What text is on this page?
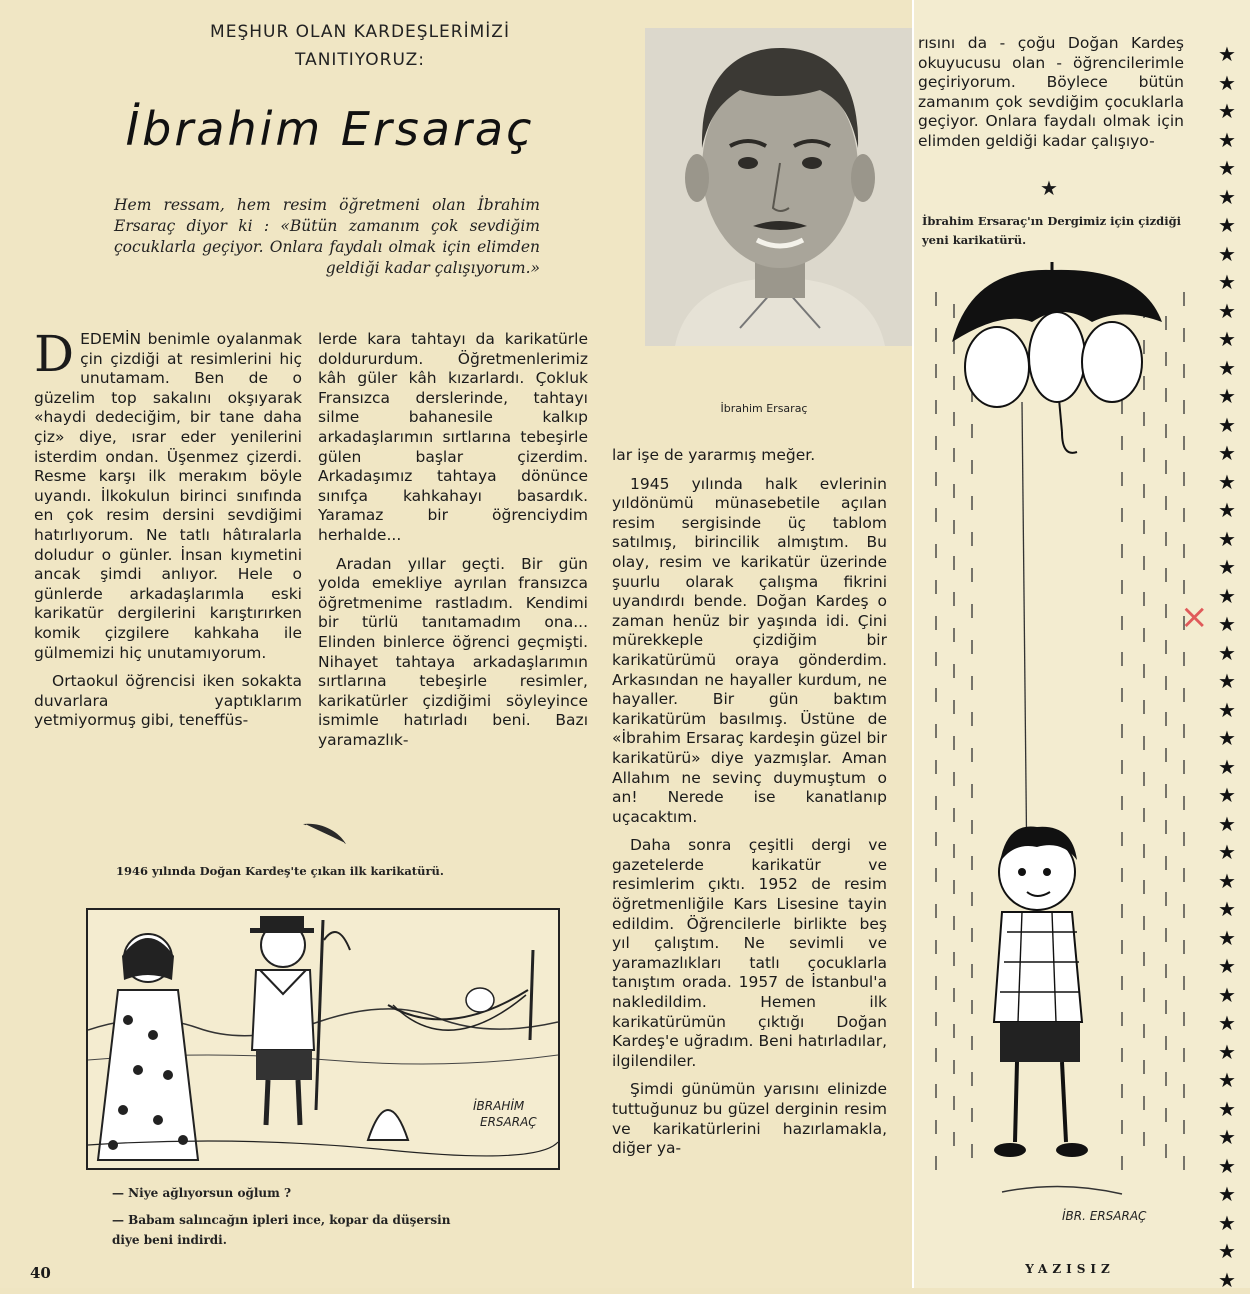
MEŞHUR OLAN KARDEŞLERİMİZİ
TANITIYORUZ:
İbrahim Ersaraç
Hem ressam, hem resim öğretmeni olan İbrahim Ersaraç diyor ki : «Bütün zamanım çok sevdiğim çocuklarla geçiyor. Onlara faydalı olmak için elimden geldiği kadar çalışıyorum.»

DEDEMİN benimle oyalanmak çin çizdiği at resimlerini hiç unutamam. Ben de o güzelim top sakalını okşıyarak «haydi dedeciğim, bir tane daha çiz» diye, ısrar eder yenilerini isterdim ondan. Üşenmez çizerdi. Resme karşı ilk merakım böyle uyandı. İlkokulun birinci sınıfında en çok resim dersini sevdiğimi hatırlıyorum. Ne tatlı hâtıralarla doludur o günler. İnsan kıymetini ancak şimdi anlıyor. Hele o günlerde arkadaşlarımla eski karikatür dergilerini karıştırırken komik çizgilere kahkaha ile gülmemizi hiç unutamıyorum.

Ortaokul öğrencisi iken sokakta duvarlara yaptıklarım yetmiyormuş gibi, teneffüs-

lerde kara tahtayı da karikatürle doldururdum. Öğretmenlerimiz kâh güler kâh kızarlardı. Çokluk Fransızca derslerinde, tahtayı silme bahanesile kalkıp arkadaşlarımın sırtlarına tebeşirle gülen başlar çizerdim. Arkadaşımız tahtaya dönünce sınıfça kahkahayı basardık. Yaramaz bir öğrenciydim herhalde...

Aradan yıllar geçti. Bir gün yolda emekliye ayrılan fransızca öğretmenime rastladım. Kendimi bir türlü tanıtamadım ona... Elinden binlerce öğrenci geçmişti. Nihayet tahtaya arkadaşlarımın sırtlarına tebeşirle resimler, karikatürler çizdiğimi söyleyince ismimle hatırladı beni. Bazı yaramazlık-

1946 yılında Doğan Kardeş'te çıkan ilk karikatürü.
İbrahim Ersaraç

lar işe de yararmış meğer.

1945 yılında halk evlerinin yıldönümü münasebetile açılan resim sergisinde üç tablom satılmış, birincilik almıştım. Bu olay, resim ve karikatür üzerinde şuurlu olarak çalışma fikrini uyandırdı bende. Doğan Kardeş o zaman henüz bir yaşında idi. Çini mürekkeple çizdiğim bir karikatürümü oraya gönderdim. Arkasından ne hayaller kurdum, ne hayaller. Bir gün baktım karikatürüm basılmış. Üstüne de «İbrahim Ersaraç kardeşin güzel bir karikatürü» diye yazmışlar. Aman Allahım ne sevinç duymuştum o an! Nerede ise kanatlanıp uçacaktım.

Daha sonra çeşitli dergi ve gazetelerde karikatür ve resimlerim çıktı. 1952 de resim öğretmenliğile Kars Lisesine tayin edildim. Öğrencilerle birlikte beş yıl çalıştım. Ne sevimli ve yaramazlıkları tatlı çocuklarla tanıştım orada. 1957 de İstanbul'a nakledildim. Hemen ilk karikatürümün çıktığı Doğan Kardeş'e uğradım. Beni hatırladılar, ilgilendiler.

Şimdi günümün yarısını elinizde tuttuğunuz bu güzel derginin resim ve karikatürlerini hazırlamakla, diğer ya-

İBRAHİM
ERSARAÇ
— Niye ağlıyorsun oğlum ?
— Babam salıncağın ipleri ince, kopar da düşersin diye beni indirdi.
40

rısını da - çoğu Doğan Kardeş okuyucusu olan - öğrencilerimle geçiriyorum. Böylece bütün zamanım çok sevdiğim çocuklarla geçiyor. Onlara faydalı olmak için elimden geldiği kadar çalışıyo-

★
İbrahim Ersaraç'ın Dergimiz için çizdiği yeni karikatürü.
İBR. ERSARAÇ
×
★
★
★
★
★
★
★
★
★
★
★
★
★
★
★
★
★
★
★
★
★
★
★
★
★
★
★
★
★
★
★
★
★
★
★
★
★
★
★
★
★
★
★
★
YAZISIZ
